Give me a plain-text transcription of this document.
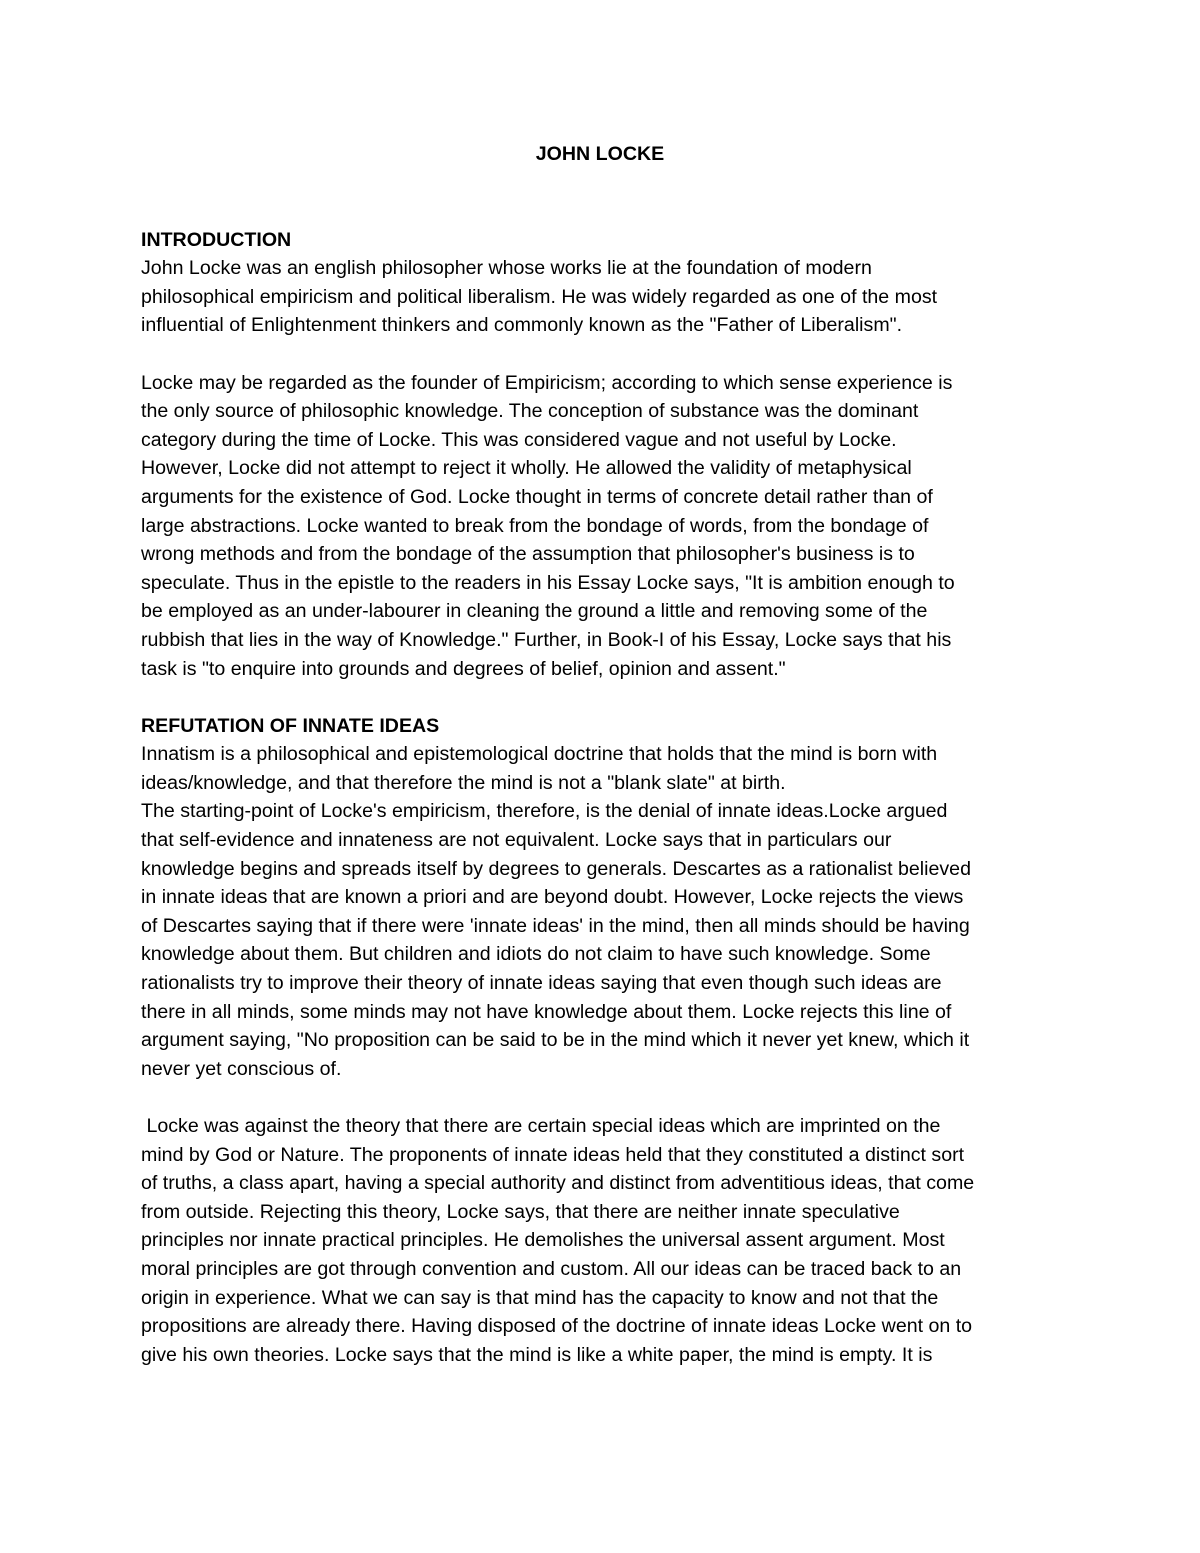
JOHN LOCKE
INTRODUCTION

John Locke was an english philosopher whose works lie at the foundation of modern
philosophical empiricism and political liberalism. He was widely regarded as one of the most
influential of Enlightenment thinkers and commonly known as the "Father of Liberalism".

Locke may be regarded as the founder of Empiricism; according to which sense experience is
the only source of philosophic knowledge. The conception of substance was the dominant
category during the time of Locke. This was considered vague and not useful by Locke.
However, Locke did not attempt to reject it wholly. He allowed the validity of metaphysical
arguments for the existence of God. Locke thought in terms of concrete detail rather than of
large abstractions. Locke wanted to break from the bondage of words, from the bondage of
wrong methods and from the bondage of the assumption that philosopher's business is to
speculate. Thus in the epistle to the readers in his Essay Locke says, "It is ambition enough to
be employed as an under-labourer in cleaning the ground a little and removing some of the
rubbish that lies in the way of Knowledge." Further, in Book-I of his Essay, Locke says that his
task is "to enquire into grounds and degrees of belief, opinion and assent."

REFUTATION OF INNATE IDEAS

Innatism is a philosophical and epistemological doctrine that holds that the mind is born with
ideas/knowledge, and that therefore the mind is not a "blank slate" at birth.
The starting-point of Locke's empiricism, therefore, is the denial of innate ideas.Locke argued
that self-evidence and innateness are not equivalent. Locke says that in particulars our
knowledge begins and spreads itself by degrees to generals. Descartes as a rationalist believed
in innate ideas that are known a priori and are beyond doubt. However, Locke rejects the views
of Descartes saying that if there were 'innate ideas' in the mind, then all minds should be having
knowledge about them. But children and idiots do not claim to have such knowledge. Some
rationalists try to improve their theory of innate ideas saying that even though such ideas are
there in all minds, some minds may not have knowledge about them. Locke rejects this line of
argument saying, "No proposition can be said to be in the mind which it never yet knew, which it
never yet conscious of.

Locke was against the theory that there are certain special ideas which are imprinted on the
mind by God or Nature. The proponents of innate ideas held that they constituted a distinct sort
of truths, a class apart, having a special authority and distinct from adventitious ideas, that come
from outside. Rejecting this theory, Locke says, that there are neither innate speculative
principles nor innate practical principles. He demolishes the universal assent argument. Most
moral principles are got through convention and custom. All our ideas can be traced back to an
origin in experience. What we can say is that mind has the capacity to know and not that the
propositions are already there. Having disposed of the doctrine of innate ideas Locke went on to
give his own theories. Locke says that the mind is like a white paper, the mind is empty. It is
